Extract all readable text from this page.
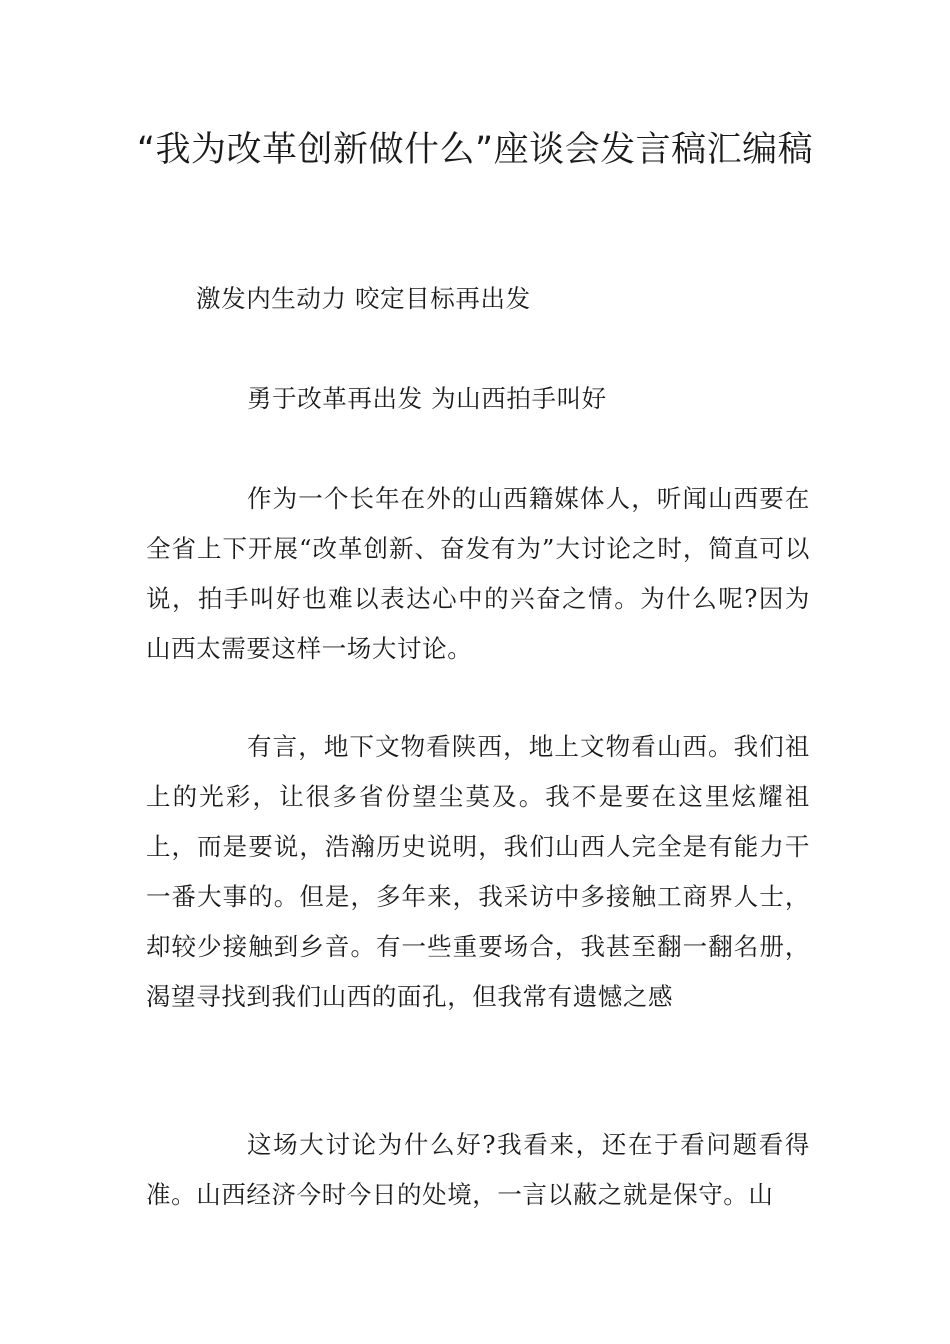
“我为改革创新做什么”座谈会发言稿汇编稿

激发内生动力 咬定目标再出发

勇于改革再出发 为山西拍手叫好

作为一个长年在外的山西籍媒体人，听闻山西要在全省上下开展“改革创新、奋发有为”大讨论之时，简直可以说，拍手叫好也难以表达心中的兴奋之情。为什么呢?因为山西太需要这样一场大讨论。

有言，地下文物看陕西，地上文物看山西。我们祖上的光彩，让很多省份望尘莫及。我不是要在这里炫耀祖上，而是要说，浩瀚历史说明，我们山西人完全是有能力干一番大事的。但是，多年来，我采访中多接触工商界人士，却较少接触到乡音。有一些重要场合，我甚至翻一翻名册，渴望寻找到我们山西的面孔，但我常有遗憾之感

这场大讨论为什么好?我看来，还在于看问题看得准。山西经济今时今日的处境，一言以蔽之就是保守。山
